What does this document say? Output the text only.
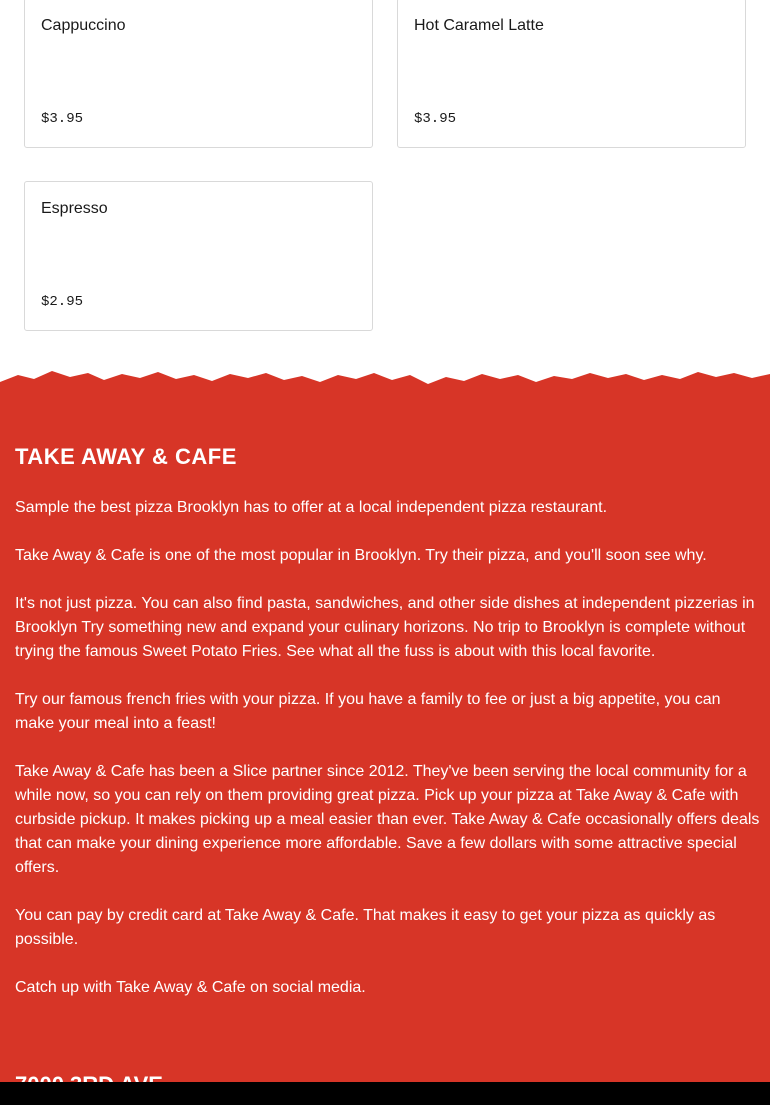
Cappuccino
$3.95
Hot Caramel Latte
$3.95
Espresso
$2.95
TAKE AWAY & CAFE

Sample the best pizza Brooklyn has to offer at a local independent pizza restaurant.

Take Away & Cafe is one of the most popular in Brooklyn. Try their pizza, and you'll soon see why.

It's not just pizza. You can also find pasta, sandwiches, and other side dishes at independent pizzerias in Brooklyn Try something new and expand your culinary horizons. No trip to Brooklyn is complete without trying the famous Sweet Potato Fries. See what all the fuss is about with this local favorite.

Try our famous french fries with your pizza. If you have a family to fee or just a big appetite, you can make your meal into a feast!

Take Away & Cafe has been a Slice partner since 2012. They've been serving the local community for a while now, so you can rely on them providing great pizza. Pick up your pizza at Take Away & Cafe with curbside pickup. It makes picking up a meal easier than ever. Take Away & Cafe occasionally offers deals that can make your dining experience more affordable. Save a few dollars with some attractive special offers.

You can pay by credit card at Take Away & Cafe. That makes it easy to get your pizza as quickly as possible.

Catch up with Take Away & Cafe on social media.
